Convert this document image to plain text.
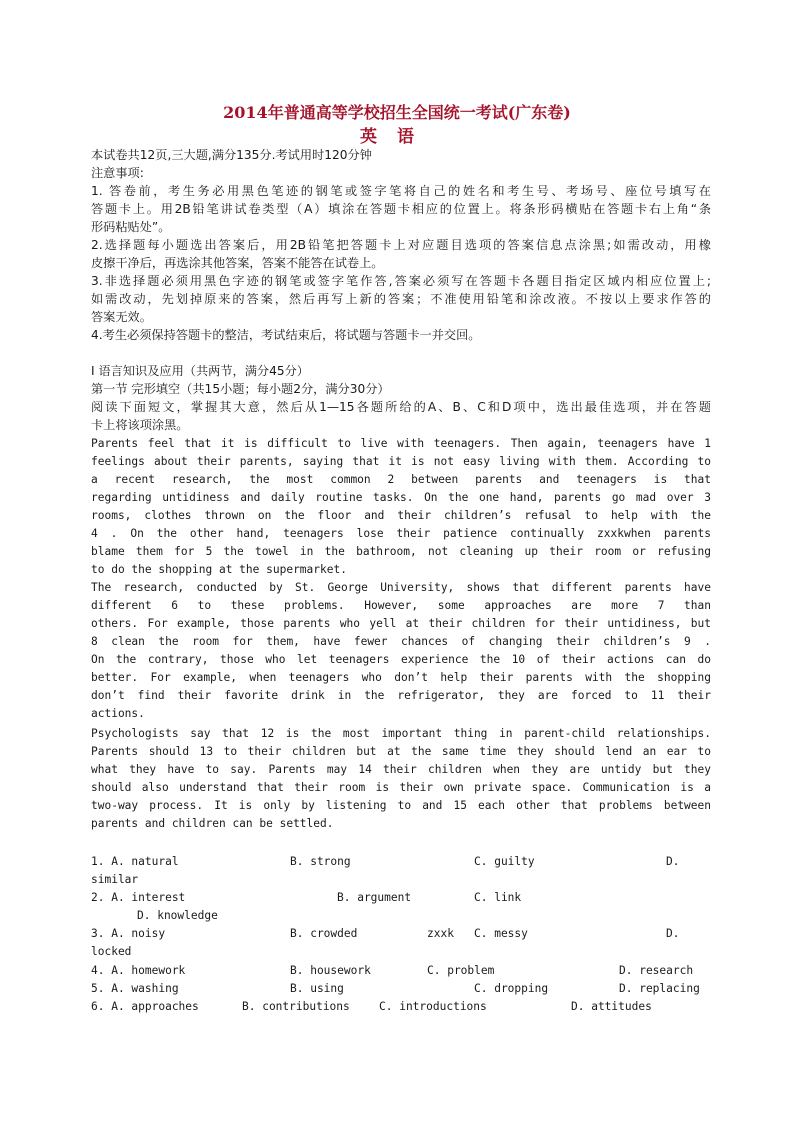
2014年普通高等学校招生全国统一考试(广东卷)
英语
本试卷共12页,三大题,满分135分.考试用时120分钟
注意事项:
1. 答卷前，考生务必用黑色笔迹的钢笔或签字笔将自己的姓名和考生号、考场号、座位号填写在
答题卡上。用2B铅笔讲试卷类型（A）填涂在答题卡相应的位置上。将条形码横贴在答题卡右上角“条
形码粘贴处”。
2.选择题每小题选出答案后，用2B铅笔把答题卡上对应题目选项的答案信息点涂黑;如需改动，用橡
皮擦干净后，再选涂其他答案，答案不能答在试卷上。
3.非选择题必须用黑色字迹的钢笔或签字笔作答,答案必须写在答题卡各题目指定区域内相应位置上;
如需改动，先划掉原来的答案，然后再写上新的答案；不准使用铅笔和涂改液。不按以上要求作答的
答案无效。
4.考生必须保持答题卡的整洁，考试结束后，将试题与答题卡一并交回。
I 语言知识及应用（共两节，满分45分）
第一节 完形填空（共15小题；每小题2分，满分30分）
阅读下面短文，掌握其大意，然后从1—15各题所给的A、B、C和D项中，选出最佳选项，并在答题
卡上将该项涂黑。
Parents feel that it is difficult to live with teenagers. Then again, teenagers have 1
feelings about their parents, saying that it is not easy living with them. According to
a recent research, the most common 2 between parents and teenagers is that
regarding untidiness and daily routine tasks. On the one hand, parents go mad over 3
rooms, clothes thrown on the floor and their children’s refusal to help with the
4 . On the other hand, teenagers lose their patience continually zxxkwhen parents
blame them for 5 the towel in the bathroom, not cleaning up their room or refusing
to do the shopping at the supermarket.
The research, conducted by St. George University, shows that different parents have
different 6 to these problems. However, some approaches are more 7 than
others. For example, those parents who yell at their children for their untidiness, but
8 clean the room for them, have fewer chances of changing their children’s 9 .
On the contrary, those who let teenagers experience the 10 of their actions can do
better. For example, when teenagers who don’t help their parents with the shopping
don’t find their favorite drink in the refrigerator, they are forced to 11 their
actions.
Psychologists say that 12 is the most important thing in parent-child relationships.
Parents should 13 to their children but at the same time they should lend an ear to
what they have to say. Parents may 14 their children when they are untidy but they
should also understand that their room is their own private space. Communication is a
two-way process. It is only by listening to and 15 each other that problems between
parents and children can be settled.
1. A. natural	B. strong	C. guilty	D.
similar
2. A. interest	B. argument	C. link
D. knowledge
3. A. noisy	B. crowded	zxxk C. messy	D.
locked
4. A. homework	B. housework	C. problem	D. research
5. A. washing	B. using	C. dropping	D. replacing
6. A. approaches	B. contributions	C. introductions	D. attitudes
